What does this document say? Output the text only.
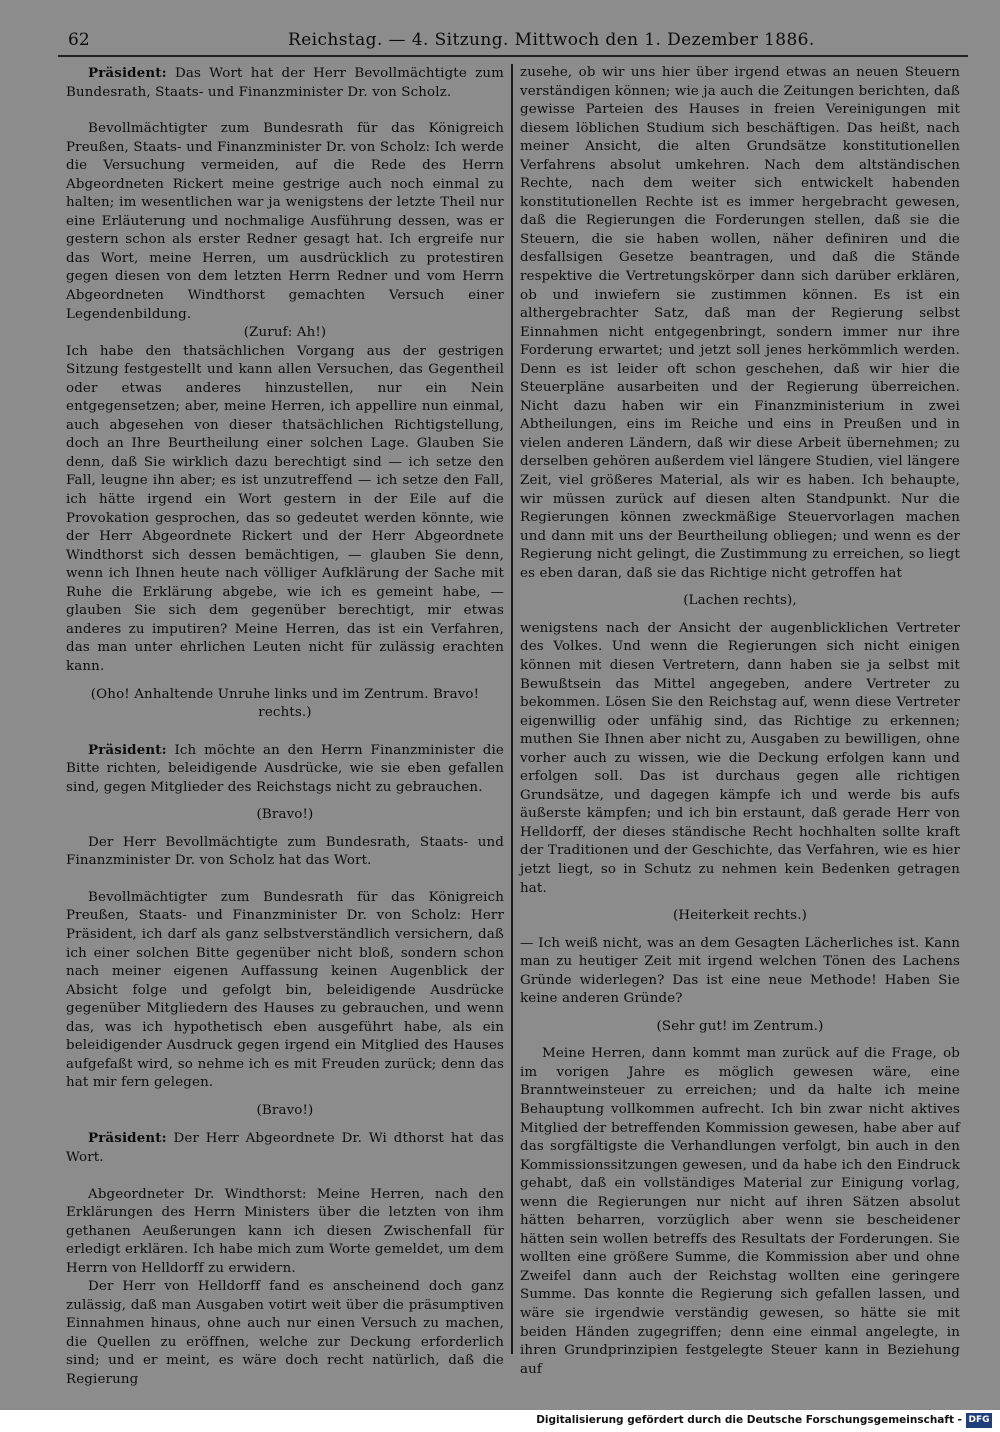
62	Reichstag. — 4. Sitzung. Mittwoch den 1. Dezember 1886.

Präsident: Das Wort hat der Herr Bevollmächtigte zum Bundesrath, Staats- und Finanzminister Dr. von Scholz.

Bevollmächtigter zum Bundesrath für das Königreich Preußen, Staats- und Finanzminister Dr. von Scholz: Ich werde die Versuchung vermeiden, auf die Rede des Herrn Abgeordneten Rickert meine gestrige auch noch einmal zu halten; im wesentlichen war ja wenigstens der letzte Theil nur eine Erläuterung und nochmalige Ausführung dessen, was er gestern schon als erster Redner gesagt hat. Ich ergreife nur das Wort, meine Herren, um ausdrücklich zu protestiren gegen diesen von dem letzten Herrn Redner und vom Herrn Abgeordneten Windthorst gemachten Versuch einer Legendenbildung.

(Zuruf: Ah!)

Ich habe den thatsächlichen Vorgang aus der gestrigen Sitzung festgestellt und kann allen Versuchen, das Gegentheil oder etwas anderes hinzustellen, nur ein Nein entgegensetzen; aber, meine Herren, ich appellire nun einmal, auch abgesehen von dieser thatsächlichen Richtigstellung, doch an Ihre Beurtheilung einer solchen Lage. Glauben Sie denn, daß Sie wirklich dazu berechtigt sind — ich setze den Fall, leugne ihn aber; es ist unzutreffend — ich setze den Fall, ich hätte irgend ein Wort gestern in der Eile auf die Provokation gesprochen, das so gedeutet werden könnte, wie der Herr Abgeordnete Rickert und der Herr Abgeordnete Windthorst sich dessen bemächtigen, — glauben Sie denn, wenn ich Ihnen heute nach völliger Aufklärung der Sache mit Ruhe die Erklärung abgebe, wie ich es gemeint habe, — glauben Sie sich dem gegenüber berechtigt, mir etwas anderes zu imputiren? Meine Herren, das ist ein Verfahren, das man unter ehrlichen Leuten nicht für zulässig erachten kann.

(Oho! Anhaltende Unruhe links und im Zentrum. Bravo! rechts.)

Präsident: Ich möchte an den Herrn Finanzminister die Bitte richten, beleidigende Ausdrücke, wie sie eben gefallen sind, gegen Mitglieder des Reichstags nicht zu gebrauchen.

(Bravo!)

Der Herr Bevollmächtigte zum Bundesrath, Staats- und Finanzminister Dr. von Scholz hat das Wort.

Bevollmächtigter zum Bundesrath für das Königreich Preußen, Staats- und Finanzminister Dr. von Scholz: Herr Präsident, ich darf als ganz selbstverständlich versichern, daß ich einer solchen Bitte gegenüber nicht bloß, sondern schon nach meiner eigenen Auffassung keinen Augenblick der Absicht folge und gefolgt bin, beleidigende Ausdrücke gegenüber Mitgliedern des Hauses zu gebrauchen, und wenn das, was ich hypothetisch eben ausgeführt habe, als ein beleidigender Ausdruck gegen irgend ein Mitglied des Hauses aufgefaßt wird, so nehme ich es mit Freuden zurück; denn das hat mir fern gelegen.

(Bravo!)

Präsident: Der Herr Abgeordnete Dr. Wi dthorst hat das Wort.

Abgeordneter Dr. Windthorst: Meine Herren, nach den Erklärungen des Herrn Ministers über die letzten von ihm gethanen Aeußerungen kann ich diesen Zwischenfall für erledigt erklären. Ich habe mich zum Worte gemeldet, um dem Herrn von Helldorff zu erwidern.

Der Herr von Helldorff fand es anscheinend doch ganz zulässig, daß man Ausgaben votirt weit über die präsumptiven Einnahmen hinaus, ohne auch nur einen Versuch zu machen, die Quellen zu eröffnen, welche zur Deckung erforderlich sind; und er meint, es wäre doch recht natürlich, daß die Regierung

zusehe, ob wir uns hier über irgend etwas an neuen Steuern verständigen können; wie ja auch die Zeitungen berichten, daß gewisse Parteien des Hauses in freien Vereinigungen mit diesem löblichen Studium sich beschäftigen. Das heißt, nach meiner Ansicht, die alten Grundsätze konstitutionellen Verfahrens absolut umkehren. Nach dem altständischen Rechte, nach dem weiter sich entwickelt habenden konstitutionellen Rechte ist es immer hergebracht gewesen, daß die Regierungen die Forderungen stellen, daß sie die Steuern, die sie haben wollen, näher definiren und die desfallsigen Gesetze beantragen, und daß die Stände respektive die Vertretungskörper dann sich darüber erklären, ob und inwiefern sie zustimmen können. Es ist ein althergebrachter Satz, daß man der Regierung selbst Einnahmen nicht entgegenbringt, sondern immer nur ihre Forderung erwartet; und jetzt soll jenes herkömmlich werden. Denn es ist leider oft schon geschehen, daß wir hier die Steuerpläne ausarbeiten und der Regierung überreichen. Nicht dazu haben wir ein Finanzministerium in zwei Abtheilungen, eins im Reiche und eins in Preußen und in vielen anderen Ländern, daß wir diese Arbeit übernehmen; zu derselben gehören außerdem viel längere Studien, viel längere Zeit, viel größeres Material, als wir es haben. Ich behaupte, wir müssen zurück auf diesen alten Standpunkt. Nur die Regierungen können zweckmäßige Steuervorlagen machen und dann mit uns der Beurtheilung obliegen; und wenn es der Regierung nicht gelingt, die Zustimmung zu erreichen, so liegt es eben daran, daß sie das Richtige nicht getroffen hat

(Lachen rechts),

wenigstens nach der Ansicht der augenblicklichen Vertreter des Volkes. Und wenn die Regierungen sich nicht einigen können mit diesen Vertretern, dann haben sie ja selbst mit Bewußtsein das Mittel angegeben, andere Vertreter zu bekommen. Lösen Sie den Reichstag auf, wenn diese Vertreter eigenwillig oder unfähig sind, das Richtige zu erkennen; muthen Sie Ihnen aber nicht zu, Ausgaben zu bewilligen, ohne vorher auch zu wissen, wie die Deckung erfolgen kann und erfolgen soll. Das ist durchaus gegen alle richtigen Grundsätze, und dagegen kämpfe ich und werde bis aufs äußerste kämpfen; und ich bin erstaunt, daß gerade Herr von Helldorff, der dieses ständische Recht hochhalten sollte kraft der Traditionen und der Geschichte, das Verfahren, wie es hier jetzt liegt, so in Schutz zu nehmen kein Bedenken getragen hat.

(Heiterkeit rechts.)

— Ich weiß nicht, was an dem Gesagten Lächerliches ist. Kann man zu heutiger Zeit mit irgend welchen Tönen des Lachens Gründe widerlegen? Das ist eine neue Methode! Haben Sie keine anderen Gründe?

(Sehr gut! im Zentrum.)

Meine Herren, dann kommt man zurück auf die Frage, ob im vorigen Jahre es möglich gewesen wäre, eine Branntweinsteuer zu erreichen; und da halte ich meine Behauptung vollkommen aufrecht. Ich bin zwar nicht aktives Mitglied der betreffenden Kommission gewesen, habe aber auf das sorgfältigste die Verhandlungen verfolgt, bin auch in den Kommissionssitzungen gewesen, und da habe ich den Eindruck gehabt, daß ein vollständiges Material zur Einigung vorlag, wenn die Regierungen nur nicht auf ihren Sätzen absolut hätten beharren, vorzüglich aber wenn sie bescheidener hätten sein wollen betreffs des Resultats der Forderungen. Sie wollten eine größere Summe, die Kommission aber und ohne Zweifel dann auch der Reichstag wollten eine geringere Summe. Das konnte die Regierung sich gefallen lassen, und wäre sie irgendwie verständig gewesen, so hätte sie mit beiden Händen zugegriffen; denn eine einmal angelegte, in ihren Grundprinzipien festgelegte Steuer kann in Beziehung auf

Digitalisierung gefördert durch die Deutsche Forschungsgemeinschaft - DFG
